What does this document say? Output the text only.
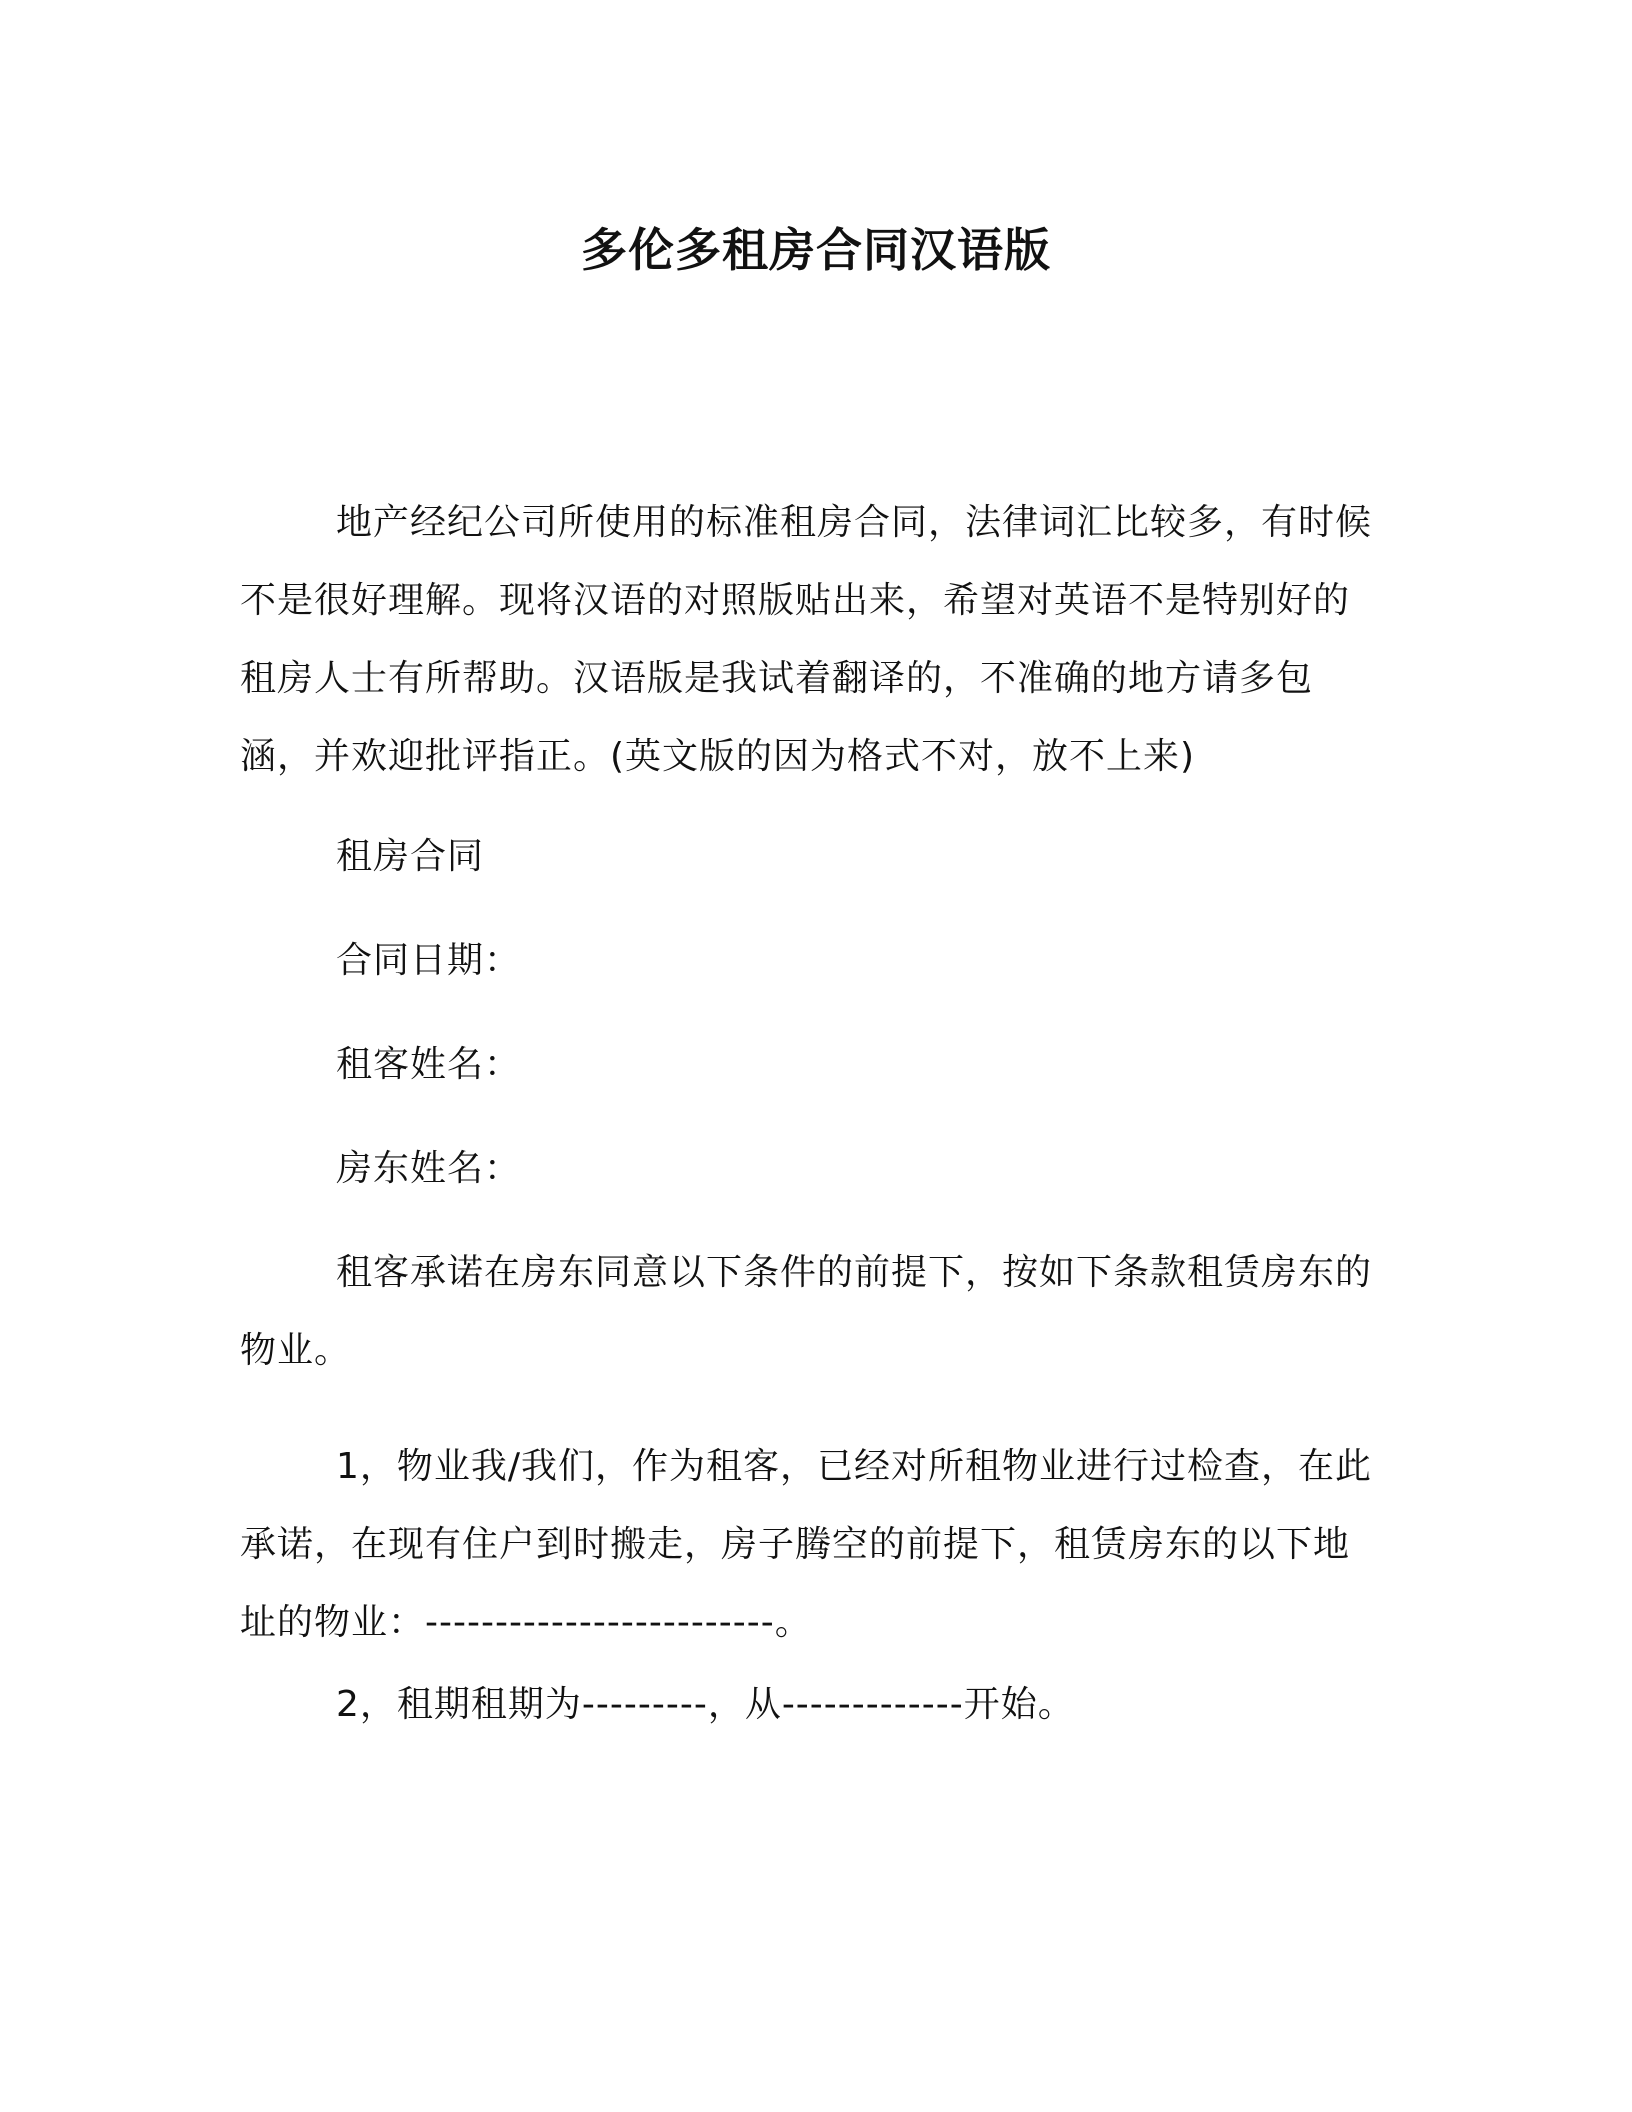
多伦多租房合同汉语版
地产经纪公司所使用的标准租房合同，法律词汇比较多，有时候不是很好理解。现将汉语的对照版贴出来，希望对英语不是特别好的租房人士有所帮助。汉语版是我试着翻译的，不准确的地方请多包涵，并欢迎批评指正。(英文版的因为格式不对，放不上来)
租房合同
合同日期：
租客姓名：
房东姓名：
租客承诺在房东同意以下条件的前提下，按如下条款租赁房东的物业。
1，物业我/我们，作为租客，已经对所租物业进行过检查，在此承诺，在现有住户到时搬走，房子腾空的前提下，租赁房东的以下地址的物业：-------------------------。
2，租期租期为---------，从-------------开始。
